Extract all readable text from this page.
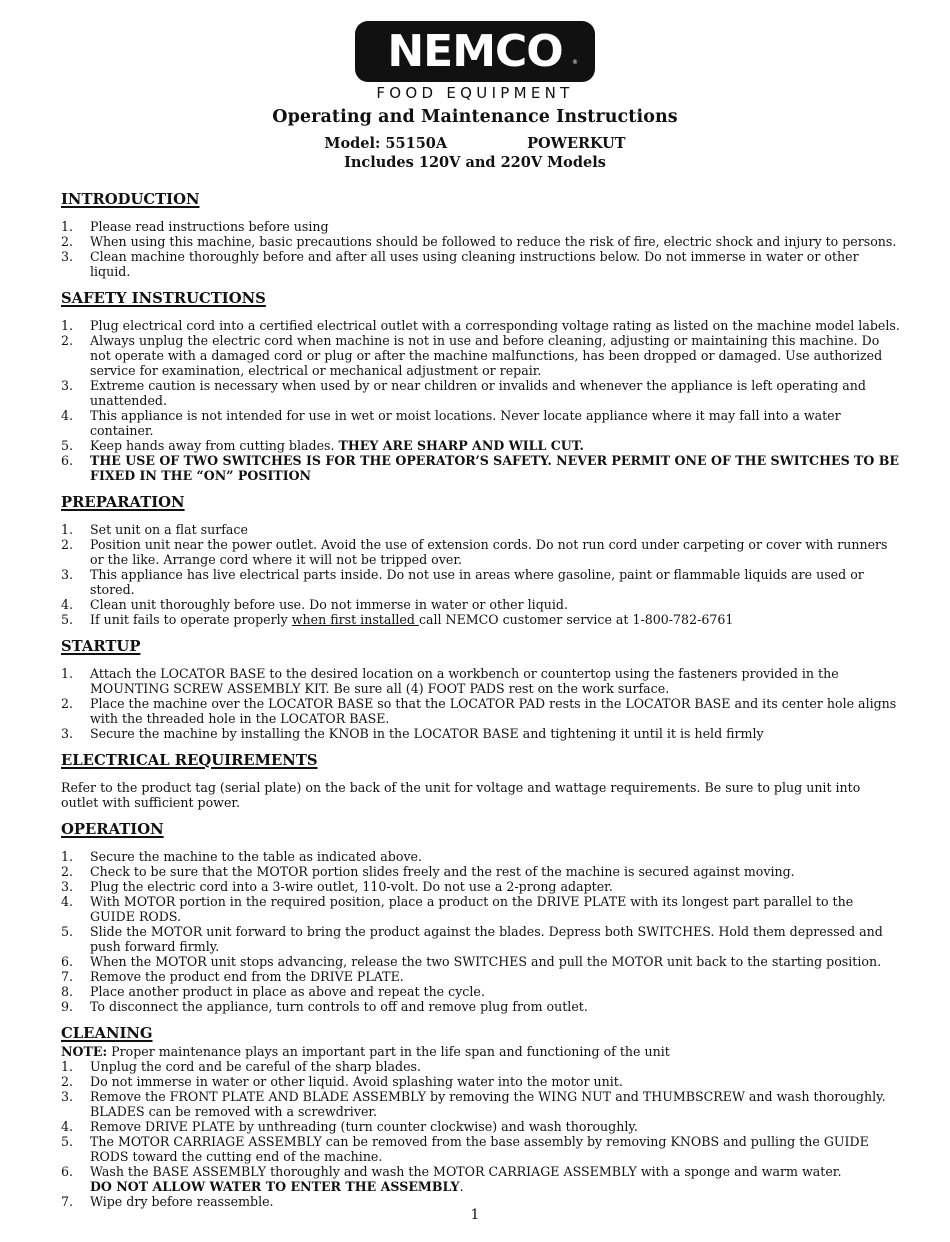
NEMCO ®
FOOD EQUIPMENT
Operating and Maintenance Instructions
Model: 55150A	POWERKUT
Includes 120V and 220V Models
INTRODUCTION
1. Please read instructions before using
2. When using this machine, basic precautions should be followed to reduce the risk of fire, electric shock and injury to persons.
3. Clean machine thoroughly before and after all uses using cleaning instructions below. Do not immerse in water or other liquid.
SAFETY INSTRUCTIONS
1. Plug electrical cord into a certified electrical outlet with a corresponding voltage rating as listed on the machine model labels.
2. Always unplug the electric cord when machine is not in use and before cleaning, adjusting or maintaining this machine. Do not operate with a damaged cord or plug or after the machine malfunctions, has been dropped or damaged. Use authorized service for examination, electrical or mechanical adjustment or repair.
3. Extreme caution is necessary when used by or near children or invalids and whenever the appliance is left operating and unattended.
4. This appliance is not intended for use in wet or moist locations. Never locate appliance where it may fall into a water container.
5. Keep hands away from cutting blades. THEY ARE SHARP AND WILL CUT.
6. THE USE OF TWO SWITCHES IS FOR THE OPERATOR’S SAFETY. NEVER PERMIT ONE OF THE SWITCHES TO BE FIXED IN THE “ON” POSITION
PREPARATION
1. Set unit on a flat surface
2. Position unit near the power outlet. Avoid the use of extension cords. Do not run cord under carpeting or cover with runners or the like. Arrange cord where it will not be tripped over.
3. This appliance has live electrical parts inside. Do not use in areas where gasoline, paint or flammable liquids are used or stored.
4. Clean unit thoroughly before use. Do not immerse in water or other liquid.
5. If unit fails to operate properly when first installed call NEMCO customer service at 1-800-782-6761
STARTUP
1. Attach the LOCATOR BASE to the desired location on a workbench or countertop using the fasteners provided in the MOUNTING SCREW ASSEMBLY KIT. Be sure all (4) FOOT PADS rest on the work surface.
2. Place the machine over the LOCATOR BASE so that the LOCATOR PAD rests in the LOCATOR BASE and its center hole aligns with the threaded hole in the LOCATOR BASE.
3. Secure the machine by installing the KNOB in the LOCATOR BASE and tightening it until it is held firmly
ELECTRICAL REQUIREMENTS

Refer to the product tag (serial plate) on the back of the unit for voltage and wattage requirements. Be sure to plug unit into outlet with sufficient power.

OPERATION
1. Secure the machine to the table as indicated above.
2. Check to be sure that the MOTOR portion slides freely and the rest of the machine is secured against moving.
3. Plug the electric cord into a 3-wire outlet, 110-volt. Do not use a 2-prong adapter.
4. With MOTOR portion in the required position, place a product on the DRIVE PLATE with its longest part parallel to the GUIDE RODS.
5. Slide the MOTOR unit forward to bring the product against the blades. Depress both SWITCHES. Hold them depressed and push forward firmly.
6. When the MOTOR unit stops advancing, release the two SWITCHES and pull the MOTOR unit back to the starting position.
7. Remove the product end from the DRIVE PLATE.
8. Place another product in place as above and repeat the cycle.
9. To disconnect the appliance, turn controls to off and remove plug from outlet.
CLEANING

NOTE: Proper maintenance plays an important part in the life span and functioning of the unit

1. Unplug the cord and be careful of the sharp blades.
2. Do not immerse in water or other liquid. Avoid splashing water into the motor unit.
3. Remove the FRONT PLATE AND BLADE ASSEMBLY by removing the WING NUT and THUMBSCREW and wash thoroughly. BLADES can be removed with a screwdriver.
4. Remove DRIVE PLATE by unthreading (turn counter clockwise) and wash thoroughly.
5. The MOTOR CARRIAGE ASSEMBLY can be removed from the base assembly by removing KNOBS and pulling the GUIDE RODS toward the cutting end of the machine.
6. Wash the BASE ASSEMBLY thoroughly and wash the MOTOR CARRIAGE ASSEMBLY with a sponge and warm water.
DO NOT ALLOW WATER TO ENTER THE ASSEMBLY.
7. Wipe dry before reassemble.
1
